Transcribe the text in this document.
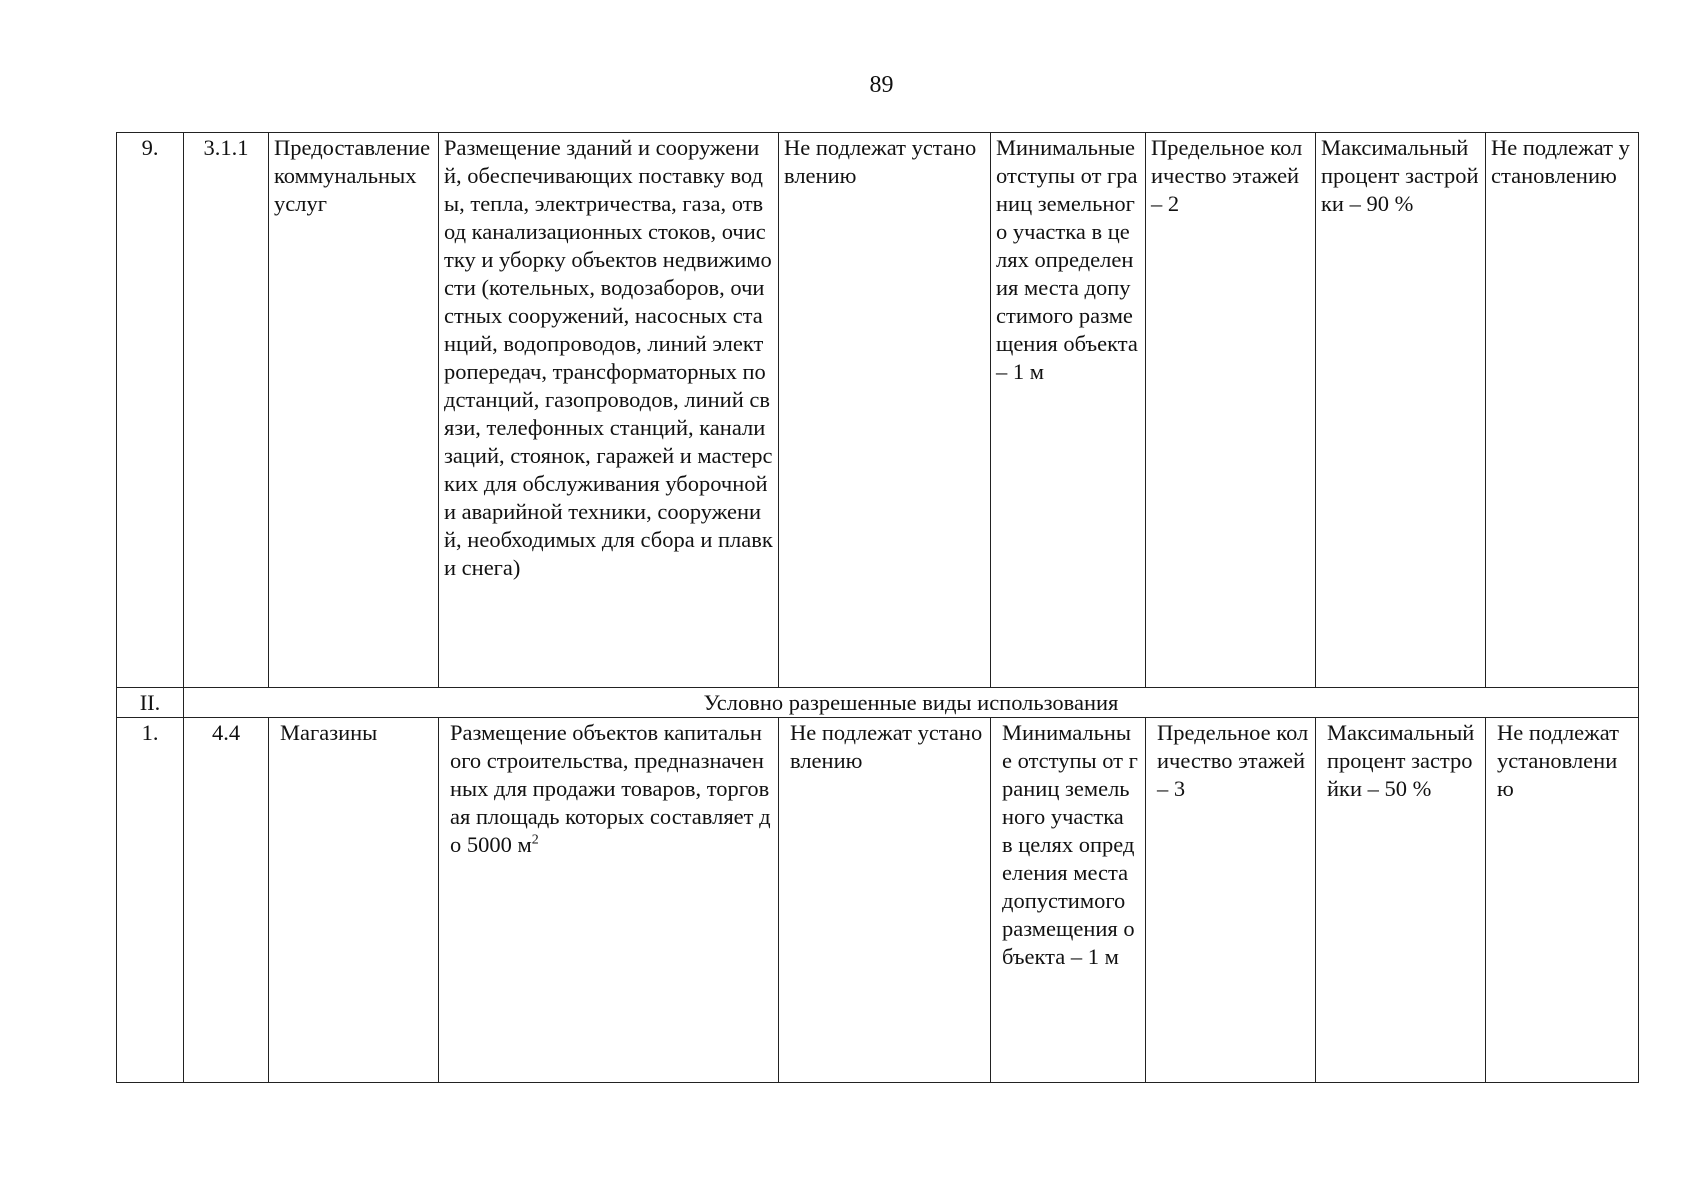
89
9.	3.1.1	Предоставление коммунальных услуг	Размещение зданий и сооружений, обеспечивающих поставку воды, тепла, электричества, газа, отвод канализационных стоков, очистку и уборку объектов недвижимости (котельных, водозаборов, очистных сооружений, насосных станций, водопроводов, линий электропередач, трансформаторных подстанций, газопроводов, линий связи, телефонных станций, канализаций, стоянок, гаражей и мастерских для обслуживания уборочной и аварийной техники, сооружений, необходимых для сбора и плавки снега)	Не подлежат установлению	Минимальные отступы от границ земельного участка в целях определения места допустимого размещения объекта – 1 м	Предельное количество этажей – 2	Максимальный процент застройки – 90 %	Не подлежат установлению
II.	Условно разрешенные виды использования							
1.	4.4	Магазины	Размещение объектов капитального строительства, предназначенных для продажи товаров, торговая площадь которых составляет до 5000 $м^2$	Не подлежат установлению	Минимальные отступы от границ земельного участка в целях определения места допустимого размещения объекта – 1 м	Предельное количество этажей – 3	Максимальный процент застройки – 50 %	Не подлежат установлению
